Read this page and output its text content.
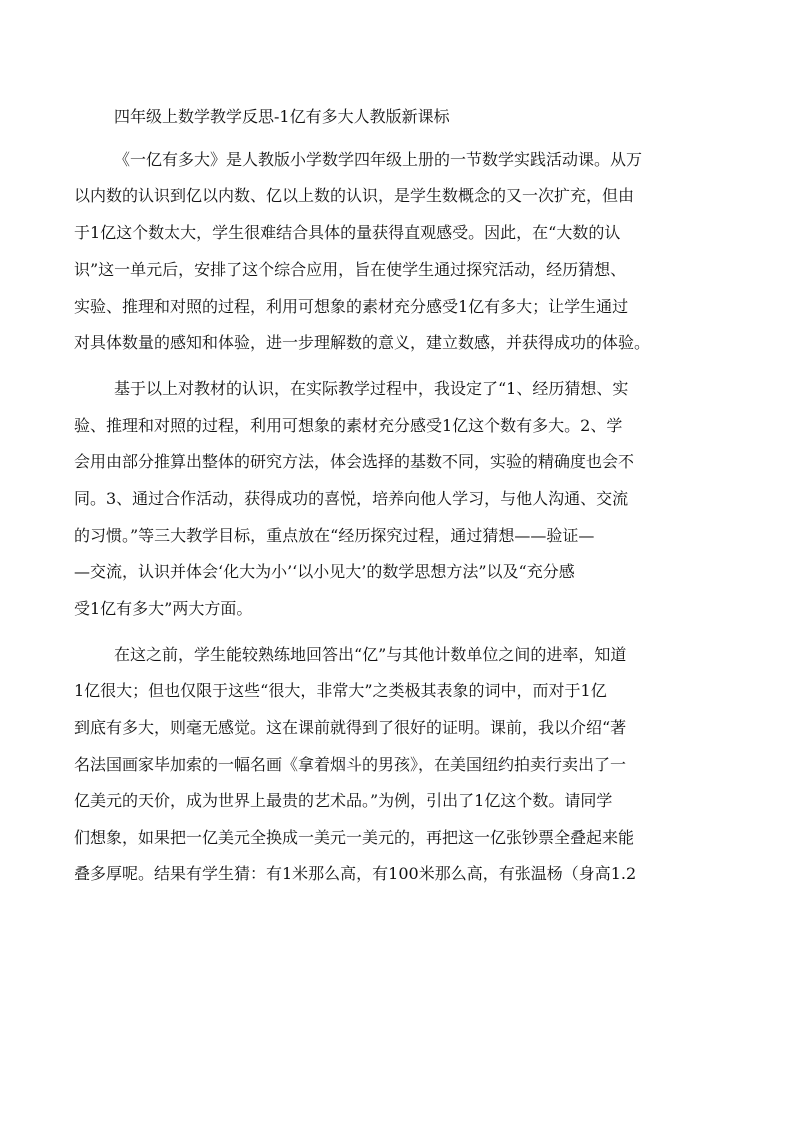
四年级上数学教学反思-1亿有多大人教版新课标
《一亿有多大》是人教版小学数学四年级上册的一节数学实践活动课。从万
以内数的认识到亿以内数、亿以上数的认识，是学生数概念的又一次扩充，但由
于1亿这个数太大，学生很难结合具体的量获得直观感受。因此，在“大数的认
识”这一单元后，安排了这个综合应用，旨在使学生通过探究活动，经历猜想、
实验、推理和对照的过程，利用可想象的素材充分感受1亿有多大；让学生通过
对具体数量的感知和体验，进一步理解数的意义，建立数感，并获得成功的体验。
基于以上对教材的认识，在实际教学过程中，我设定了“1、经历猜想、实
验、推理和对照的过程，利用可想象的素材充分感受1亿这个数有多大。2、学
会用由部分推算出整体的研究方法，体会选择的基数不同，实验的精确度也会不
同。3、通过合作活动，获得成功的喜悦，培养向他人学习，与他人沟通、交流
的习惯。”等三大教学目标，重点放在“经历探究过程，通过猜想——验证—
—交流，认识并体会‘化大为小’‘以小见大’的数学思想方法”以及“充分感
受1亿有多大”两大方面。
在这之前，学生能较熟练地回答出“亿”与其他计数单位之间的进率，知道
1亿很大；但也仅限于这些“很大，非常大”之类极其表象的词中，而对于1亿
到底有多大，则毫无感觉。这在课前就得到了很好的证明。课前，我以介绍“著
名法国画家毕加索的一幅名画《拿着烟斗的男孩》，在美国纽约拍卖行卖出了一
亿美元的天价，成为世界上最贵的艺术品。”为例，引出了1亿这个数。请同学
们想象，如果把一亿美元全换成一美元一美元的，再把这一亿张钞票全叠起来能
叠多厚呢。结果有学生猜：有1米那么高，有100米那么高，有张温杨（身高1.2
